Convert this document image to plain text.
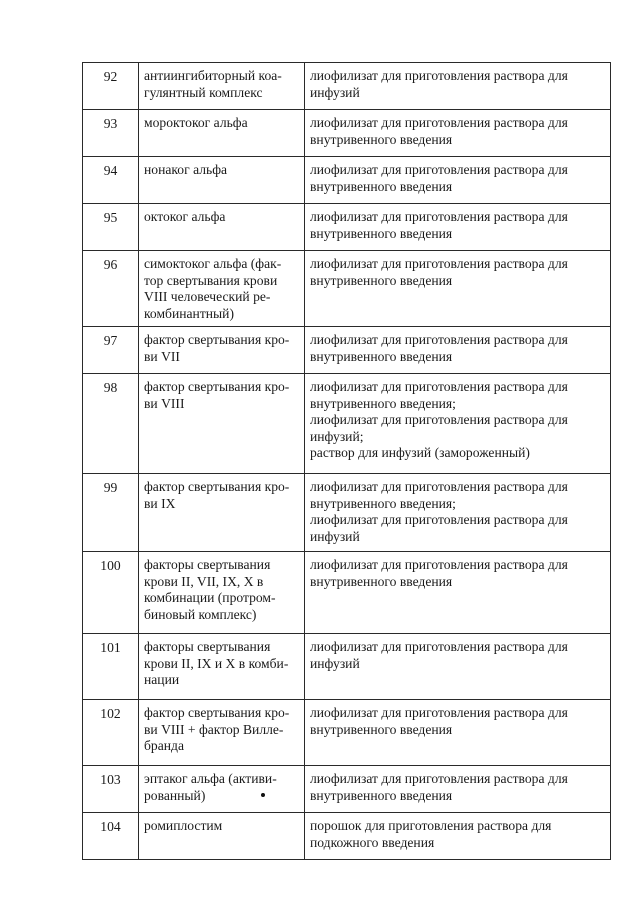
92	антиингибиторный коа-
гулянтный комплекс	лиофилизат для приготовления раствора для
инфузий

93	мороктоког альфа	лиофилизат для приготовления раствора для
внутривенного введения

94	нонаког альфа	лиофилизат для приготовления раствора для
внутривенного введения

95	октоког альфа	лиофилизат для приготовления раствора для
внутривенного введения

96	симоктоког альфа (фак-
тор свертывания крови
VIII человеческий ре-
комбинантный)	лиофилизат для приготовления раствора для
внутривенного введения

97	фактор свертывания кро-
ви VII	лиофилизат для приготовления раствора для
внутривенного введения

98	фактор свертывания кро-
ви VIII	лиофилизат для приготовления раствора для
внутривенного введения;
лиофилизат для приготовления раствора для
инфузий;
раствор для инфузий (замороженный)

99	фактор свертывания кро-
ви IX	лиофилизат для приготовления раствора для
внутривенного введения;
лиофилизат для приготовления раствора для
инфузий

100	факторы свертывания
крови II, VII, IX, X в
комбинации (протром-
биновый комплекс)	лиофилизат для приготовления раствора для
внутривенного введения

101	факторы свертывания
крови II, IX и X в комби-
нации	лиофилизат для приготовления раствора для
инфузий

102	фактор свертывания кро-
ви VIII + фактор Вилле-
бранда	лиофилизат для приготовления раствора для
внутривенного введения

103	эптаког альфа (активи-
рованный)	лиофилизат для приготовления раствора для
внутривенного введения

104	ромиплостим	порошок для приготовления раствора для
подкожного введения
